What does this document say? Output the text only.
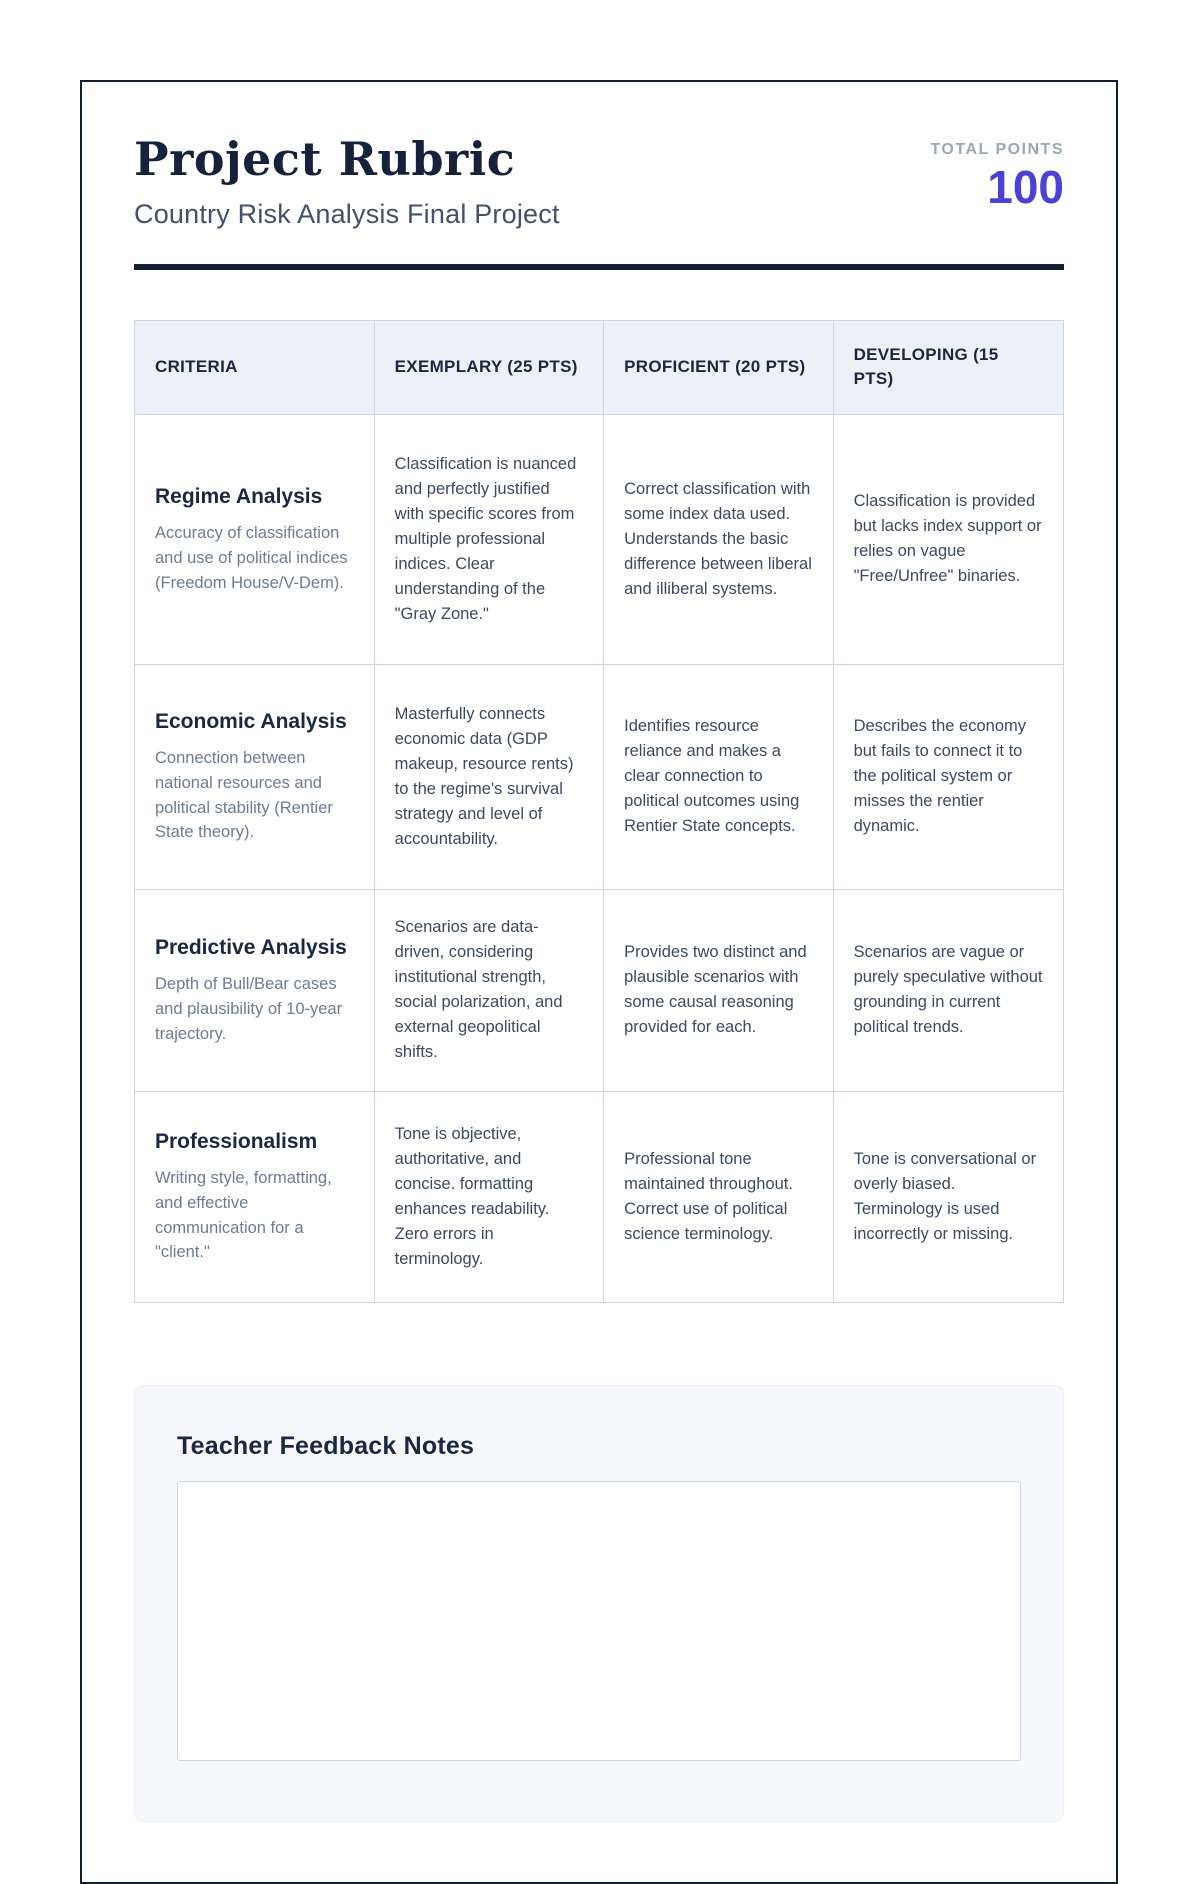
Project Rubric
Country Risk Analysis Final Project
TOTAL POINTS
100
CRITERIA	EXEMPLARY (25 PTS)	PROFICIENT (20 PTS)	DEVELOPING (15 PTS)

Regime Analysis
Accuracy of classification and use of political indices (Freedom House/V-Dem).	Classification is nuanced and perfectly justified with specific scores from multiple professional indices. Clear understanding of the "Gray Zone."	Correct classification with some index data used. Understands the basic difference between liberal and illiberal systems.	Classification is provided but lacks index support or relies on vague "Free/Unfree" binaries.

Economic Analysis
Connection between national resources and political stability (Rentier State theory).	Masterfully connects economic data (GDP makeup, resource rents) to the regime's survival strategy and level of accountability.	Identifies resource reliance and makes a clear connection to political outcomes using Rentier State concepts.	Describes the economy but fails to connect it to the political system or misses the rentier dynamic.

Predictive Analysis
Depth of Bull/Bear cases and plausibility of 10-year trajectory.	Scenarios are data-driven, considering institutional strength, social polarization, and external geopolitical shifts.	Provides two distinct and plausible scenarios with some causal reasoning provided for each.	Scenarios are vague or purely speculative without grounding in current political trends.

Professionalism
Writing style, formatting, and effective communication for a "client."	Tone is objective, authoritative, and concise. formatting enhances readability. Zero errors in terminology.	Professional tone maintained throughout. Correct use of political science terminology.	Tone is conversational or overly biased. Terminology is used incorrectly or missing.
Teacher Feedback Notes
